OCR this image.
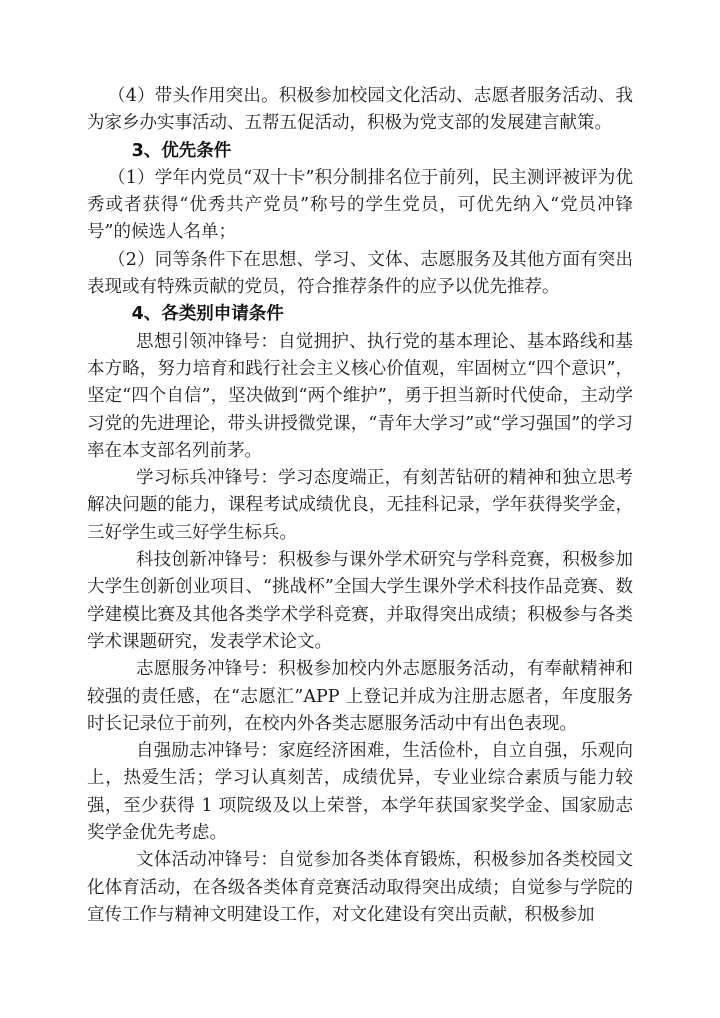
（4）带头作用突出。积极参加校园文化活动、志愿者服务活动、我为家乡办实事活动、五帮五促活动，积极为党支部的发展建言献策。

3、优先条件

（1）学年内党员“双十卡”积分制排名位于前列，民主测评被评为优秀或者获得“优秀共产党员”称号的学生党员，可优先纳入“党员冲锋号”的候选人名单；

（2）同等条件下在思想、学习、文体、志愿服务及其他方面有突出表现或有特殊贡献的党员，符合推荐条件的应予以优先推荐。

4、各类别申请条件

思想引领冲锋号：自觉拥护、执行党的基本理论、基本路线和基本方略，努力培育和践行社会主义核心价值观，牢固树立“四个意识”，坚定“四个自信”，坚决做到“两个维护”，勇于担当新时代使命，主动学习党的先进理论，带头讲授微党课，“青年大学习”或“学习强国”的学习率在本支部名列前茅。

学习标兵冲锋号：学习态度端正，有刻苦钻研的精神和独立思考解决问题的能力，课程考试成绩优良，无挂科记录，学年获得奖学金，三好学生或三好学生标兵。

科技创新冲锋号：积极参与课外学术研究与学科竞赛，积极参加大学生创新创业项目、“挑战杯”全国大学生课外学术科技作品竞赛、数学建模比赛及其他各类学术学科竞赛，并取得突出成绩；积极参与各类学术课题研究，发表学术论文。

志愿服务冲锋号：积极参加校内外志愿服务活动，有奉献精神和较强的责任感，在“志愿汇”APP 上登记并成为注册志愿者，年度服务时长记录位于前列，在校内外各类志愿服务活动中有出色表现。

自强励志冲锋号：家庭经济困难，生活俭朴，自立自强，乐观向上，热爱生活；学习认真刻苦，成绩优异，专业业综合素质与能力较强，至少获得 1 项院级及以上荣誉，本学年获国家奖学金、国家励志奖学金优先考虑。

文体活动冲锋号：自觉参加各类体育锻炼，积极参加各类校园文化体育活动，在各级各类体育竞赛活动取得突出成绩；自觉参与学院的宣传工作与精神文明建设工作，对文化建设有突出贡献，积极参加
